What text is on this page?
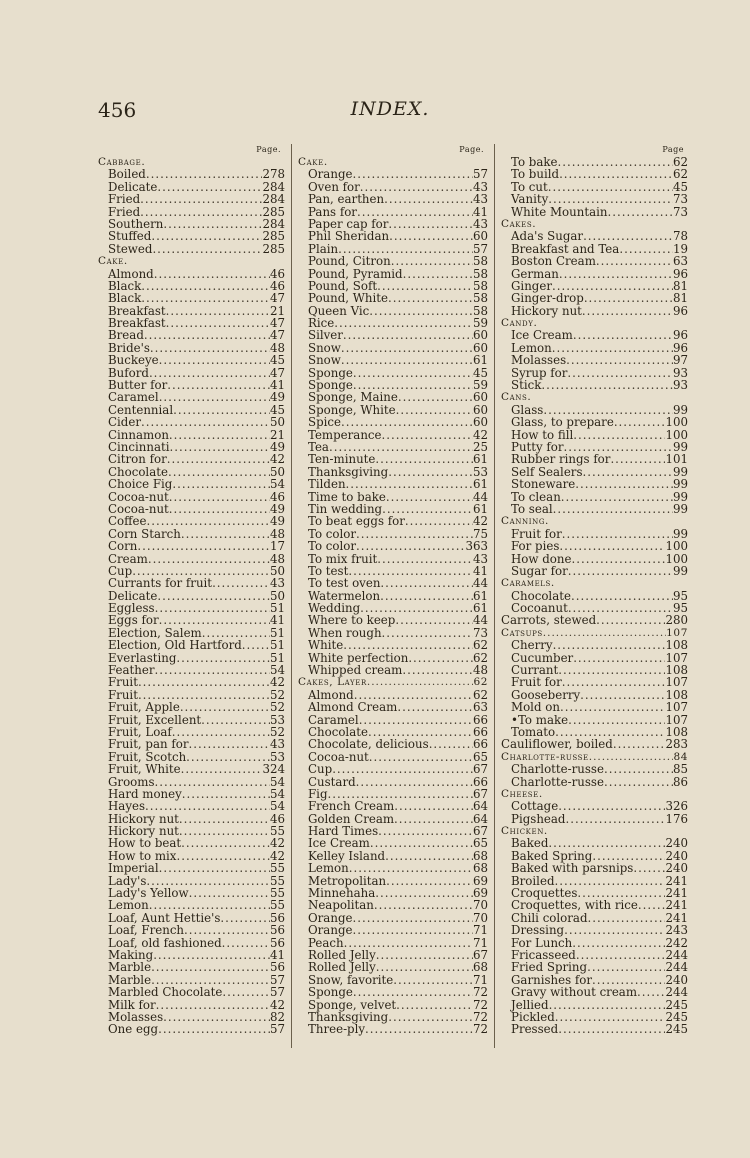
456	INDEX.
Page.
Cabbage.
Boiled .....	278
Delicate .....	284
Fried .....	284
Fried .....	285
Southern .....	284
Stuffed .....	285
Stewed .....	285
Cake.
Almond .....	46
Black .....	46
Black .....	47
Breakfast .....	21
Breakfast .....	47
Bread .....	47
Bride's .....	48
Buckeye .....	45
Buford .....	47
Butter for .....	41
Caramel .....	49
Centennial .....	45
Cider .....	50
Cinnamon .....	21
Cincinnati .....	49
Citron for .....	42
Chocolate .....	50
Choice Fig .....	54
Cocoa-nut .....	46
Cocoa-nut .....	49
Coffee .....	49
Corn Starch .....	48
Corn .....	17
Cream .....	48
Cup .....	50
Currants for fruit .....	43
Delicate .....	50
Eggless .....	51
Eggs for .....	41
Election, Salem .....	51
Election, Old Hartford ..... 51
Everlasting .....	51
Feather .....	54
Fruit .....	42
Fruit .....	52
Fruit, Apple .....	52
Fruit, Excellent .....	53
Fruit, Loaf .....	52
Fruit, pan for .....	43
Fruit, Scotch .....	53
Fruit, White .....	324
Grooms .....	54
Hard money .....	54
Hayes .....	54
Hickory nut .....	46
Hickory nut .....	55
How to beat .....	42
How to mix .....	42
Imperial .....	55
Lady's .....	55
Lady's Yellow .....	55
Lemon .....	55
Loaf, Aunt Hettie's .....	56
Loaf, French .....	56
Loaf, old fashioned .....	56
Making .....	41
Marble .....	56
Marble .....	57
Marbled Chocolate .....	57
Milk for .....	42
Molasses .....	82
One egg .....	57
Page.
Cake.
Orange .....	57
Oven for .....	43
Pan, earthen .....	43
Pans for .....	41
Paper cap for .....	43
Phil Sheridan .....	60
Plain .....	57
Pound, Citron .....	58
Pound, Pyramid .....	58
Pound, Soft .....	58
Pound, White .....	58
Queen Vic .....	58
Rice .....	59
Silver .....	60
Snow .....	60
Snow .....	61
Sponge .....	45
Sponge .....	59
Sponge, Maine .....	60
Sponge, White .....	60
Spice .....	60
Temperance .....	42
Tea .....	25
Ten-minute .....	61
Thanksgiving .....	53
Tilden .....	61
Time to bake .....	44
Tin wedding .....	61
To beat eggs for .....	42
To color .....	75
To color .....	363
To mix fruit .....	43
To test .....	41
To test oven .....	44
Watermelon .....	61
Wedding .....	61
Where to keep .....	44
When rough .....	73
White .....	62
White perfection .....	62
Whipped cream .....	48
Cakes, Layer .....	62
Almond .....	62
Almond Cream .....	63
Caramel .....	66
Chocolate .....	66
Chocolate, delicious .....	66
Cocoa-nut .....	65
Cup .....	67
Custard .....	66
Fig .....	67
French Cream .....	64
Golden Cream .....	64
Hard Times .....	67
Ice Cream .....	65
Kelley Island .....	68
Lemon .....	68
Metropolitan .....	69
Minnehaha .....	69
Neapolitan .....	70
Orange .....	70
Orange .....	71
Peach .....	71
Rolled Jelly .....	67
Rolled Jelly .....	68
Snow, favorite .....	71
Sponge .....	72
Sponge, velvet .....	72
Thanksgiving .....	72
Three-ply .....	72
Page
To bake .....	62
To build .....	62
To cut .....	45
Vanity .....	73
White Mountain .....	73
Cakes.
Ada's Sugar .....	78
Breakfast and Tea .....	19
Boston Cream .....	63
German .....	96
Ginger .....	81
Ginger-drop .....	81
Hickory nut .....	96
Candy.
Ice Cream .....	96
Lemon .....	96
Molasses .....	97
Syrup for .....	93
Stick .....	93
Cans.
Glass .....	99
Glass, to prepare .....	100
How to fill .....	100
Putty for .....	99
Rubber rings for .....	101
Self Sealers .....	99
Stoneware .....	99
To clean .....	99
To seal .....	99
Canning.
Fruit for .....	99
For pies .....	100
How done .....	100
Sugar for .....	99
Caramels.
Chocolate .....	95
Cocoanut .....	95
Carrots, stewed .....	280
Catsups .....	107
Cherry .....	108
Cucumber .....	107
Currant .....	108
Fruit for .....	107
Gooseberry .....	108
Mold on .....	107
•To make .....	107
Tomato .....	108
Cauliflower, boiled .....	283
Charlotte-russe .....	84
Charlotte-russe .....	85
Charlotte-russe .....	86
Cheese.
Cottage .....	326
Pigshead .....	176
Chicken.
Baked .....	240
Baked Spring .....	240
Baked with parsnips .....	240
Broiled .....	241
Croquettes .....	241
Croquettes, with rice ..... 241
Chili colorad .....	241
Dressing .....	243
For Lunch .....	242
Fricasseed .....	244
Fried Spring .....	244
Garnishes for .....	240
Gravy without cream ..... 244
Jellied .....	245
Pickled .....	245
Pressed .....	245
